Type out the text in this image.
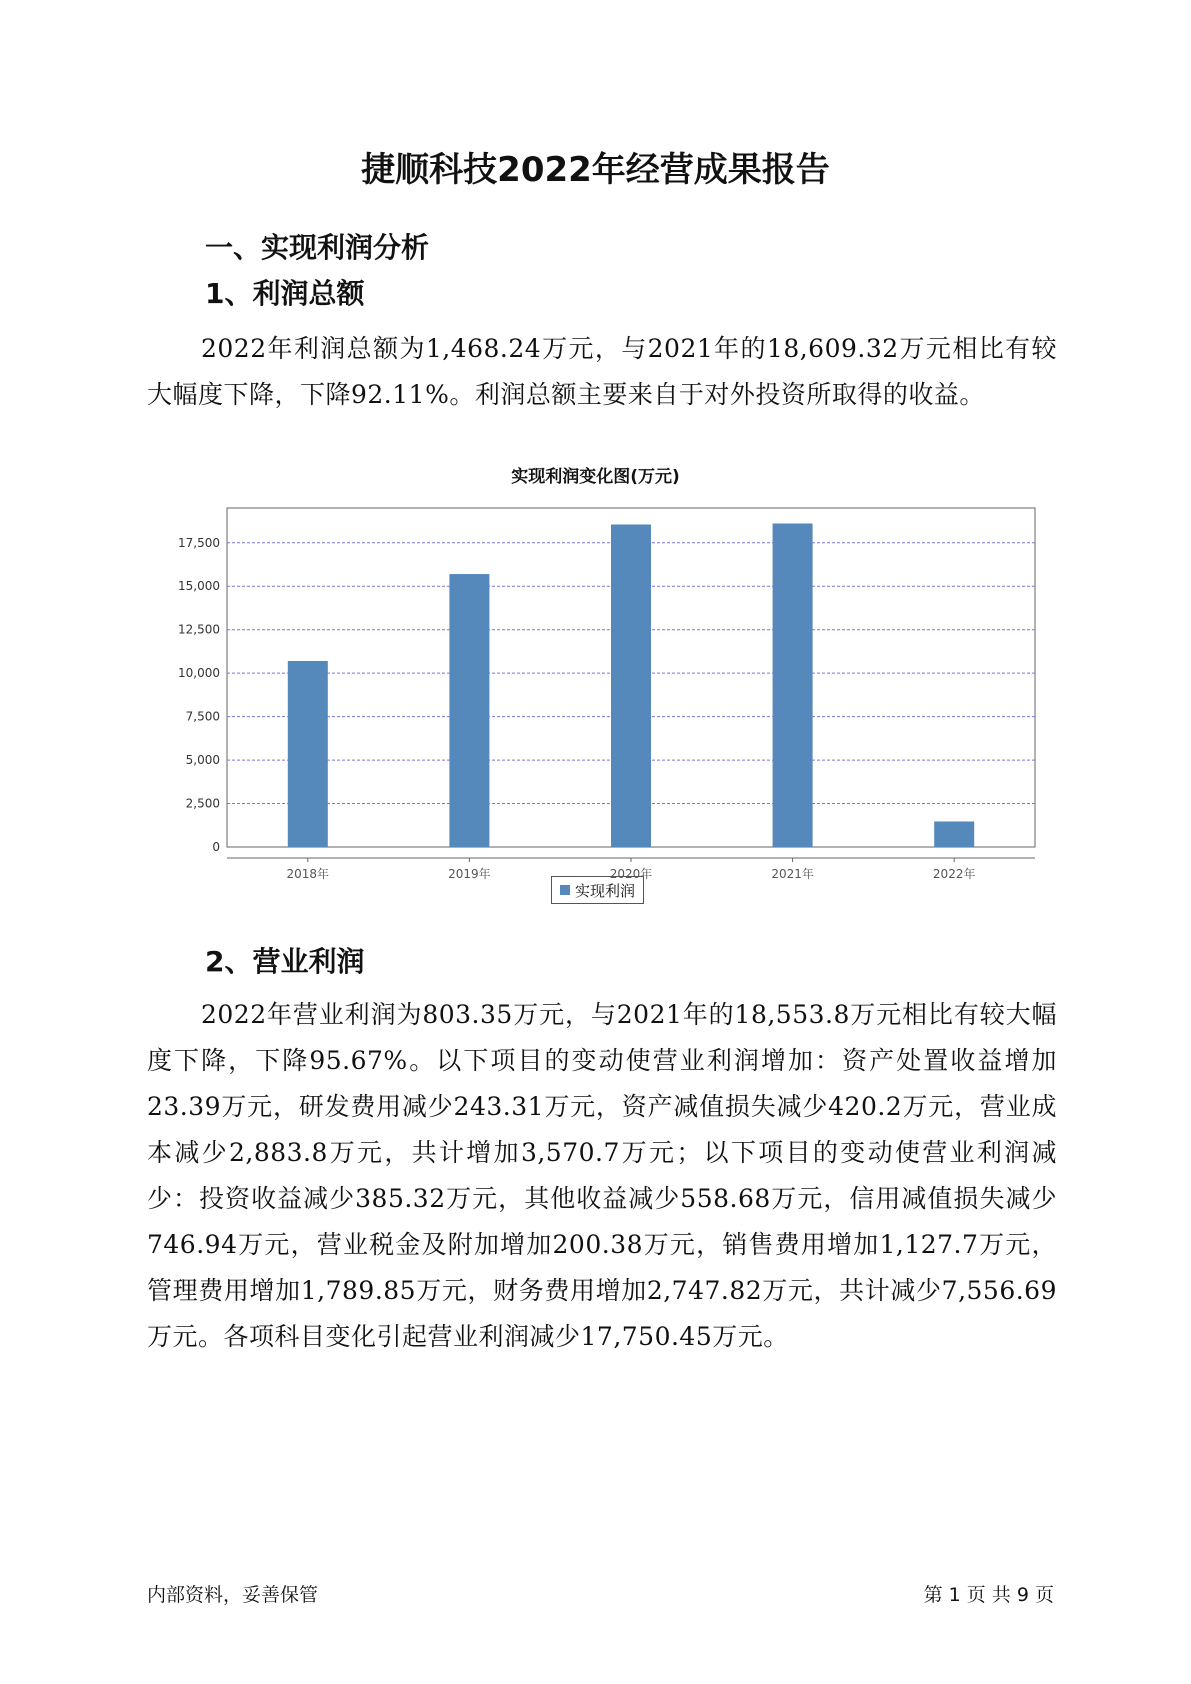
捷顺科技2022年经营成果报告
一、实现利润分析
1、利润总额

2022年利润总额为1,468.24万元，与2021年的18,609.32万元相比有较大幅度下降，下降92.11%。利润总额主要来自于对外投资所取得的收益。

实现利润变化图(万元)
0
2,500
5,000
7,500
10,000
12,500
15,000
17,500
2018年	2019年	2020年	2021年	2022年
实现利润
2、营业利润

2022年营业利润为803.35万元，与2021年的18,553.8万元相比有较大幅度下降，下降95.67%。以下项目的变动使营业利润增加：资产处置收益增加23.39万元，研发费用减少243.31万元，资产减值损失减少420.2万元，营业成本减少2,883.8万元，共计增加3,570.7万元；以下项目的变动使营业利润减少：投资收益减少385.32万元，其他收益减少558.68万元，信用减值损失减少746.94万元，营业税金及附加增加200.38万元，销售费用增加1,127.7万元，管理费用增加1,789.85万元，财务费用增加2,747.82万元，共计减少7,556.69万元。各项科目变化引起营业利润减少17,750.45万元。

内部资料，妥善保管	第 1 页 共 9 页
